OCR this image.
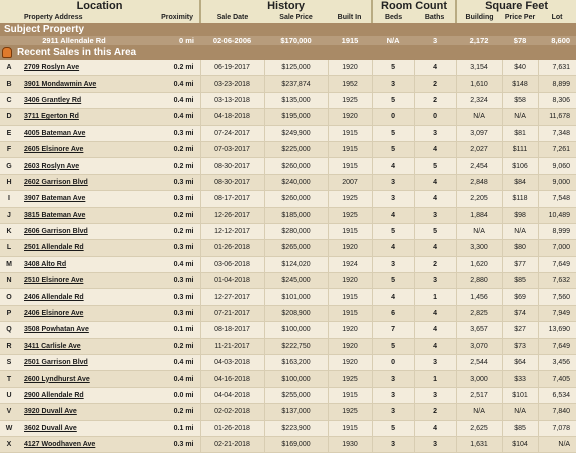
Location			History			Room Count		Square Feet		
	Property Address	Proximity	Sale Date	Sale Price	Built In	Beds	Baths	Building	Price Per	Lot
Subject Property										
	2911 Allendale Rd	0 mi	02-06-2006	$170,000	1915	N/A	3	2,172	$78	8,600
Recent Sales in this Area										
A	2709 Roslyn Ave	0.2 mi	06-19-2017	$125,000	1920	5	4	3,154	$40	7,631
B	3901 Mondawmin Ave	0.4 mi	03-23-2018	$237,874	1952	3	2	1,610	$148	8,899
C	3406 Grantley Rd	0.4 mi	03-13-2018	$135,000	1925	5	2	2,324	$58	8,306
D	3711 Egerton Rd	0.4 mi	04-18-2018	$195,000	1920	0	0	N/A	N/A	11,678
E	4005 Bateman Ave	0.3 mi	07-24-2017	$249,900	1915	5	3	3,097	$81	7,348
F	2605 Elsinore Ave	0.2 mi	07-03-2017	$225,000	1915	5	4	2,027	$111	7,261
G	2603 Roslyn Ave	0.2 mi	08-30-2017	$260,000	1915	4	5	2,454	$106	9,060
H	2602 Garrison Blvd	0.3 mi	08-30-2017	$240,000	2007	3	4	2,848	$84	9,000
I	3907 Bateman Ave	0.3 mi	08-17-2017	$260,000	1925	3	4	2,205	$118	7,548
J	3815 Bateman Ave	0.2 mi	12-26-2017	$185,000	1925	4	3	1,884	$98	10,489
K	2606 Garrison Blvd	0.2 mi	12-12-2017	$280,000	1915	5	5	N/A	N/A	8,999
L	2501 Allendale Rd	0.3 mi	01-26-2018	$265,000	1920	4	4	3,300	$80	7,000
M	3408 Alto Rd	0.4 mi	03-06-2018	$124,020	1924	3	2	1,620	$77	7,649
N	2510 Elsinore Ave	0.3 mi	01-04-2018	$245,000	1920	5	3	2,880	$85	7,632
O	2406 Allendale Rd	0.3 mi	12-27-2017	$101,000	1915	4	1	1,456	$69	7,560
P	2406 Elsinore Ave	0.3 mi	07-21-2017	$208,900	1915	6	4	2,825	$74	7,949
Q	3508 Powhatan Ave	0.1 mi	08-18-2017	$100,000	1920	7	4	3,657	$27	13,690
R	3411 Carlisle Ave	0.2 mi	11-21-2017	$222,750	1920	5	4	3,070	$73	7,649
S	2501 Garrison Blvd	0.4 mi	04-03-2018	$163,200	1920	0	3	2,544	$64	3,456
T	2600 Lyndhurst Ave	0.4 mi	04-16-2018	$100,000	1925	3	1	3,000	$33	7,405
U	2900 Allendale Rd	0.0 mi	04-04-2018	$255,000	1915	3	3	2,517	$101	6,534
V	3920 Duvall Ave	0.2 mi	02-02-2018	$137,000	1925	3	2	N/A	N/A	7,840
W	3602 Duvall Ave	0.1 mi	01-26-2018	$223,900	1915	5	4	2,625	$85	7,078
X	4127 Woodhaven Ave	0.3 mi	02-21-2018	$169,000	1930	3	3	1,631	$104	N/A
